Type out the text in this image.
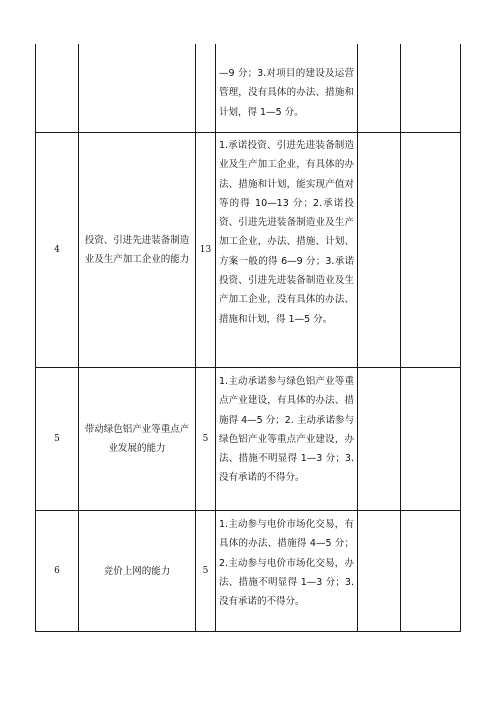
—9 分；3.对项目的建设及运营管理，没有具体的办法、措施和计划，得 1—5 分。
4
投资、引进先进装备制造业及生产加工企业的能力
13
1.承诺投资、引进先进装备制造业及生产加工企业，有具体的办法、措施和计划，能实现产值对等的得 10—13 分；2.承诺投资、引进先进装备制造业及生产加工企业，办法、措施、计划、方案一般的得 6—9 分；3.承诺投资、引进先进装备制造业及生产加工企业，没有具体的办法、措施和计划，得 1—5 分。
5
带动绿色铝产业等重点产业发展的能力
5
1.主动承诺参与绿色铝产业等重点产业建设，有具体的办法、措施得 4—5 分；2. 主动承诺参与绿色铝产业等重点产业建设，办法、措施不明显得 1—3 分；3.没有承诺的不得分。
6	竞价上网的能力	5
1.主动参与电价市场化交易，有具体的办法、措施得 4—5 分；2.主动参与电价市场化交易，办法、措施不明显得 1—3 分；3.没有承诺的不得分。
